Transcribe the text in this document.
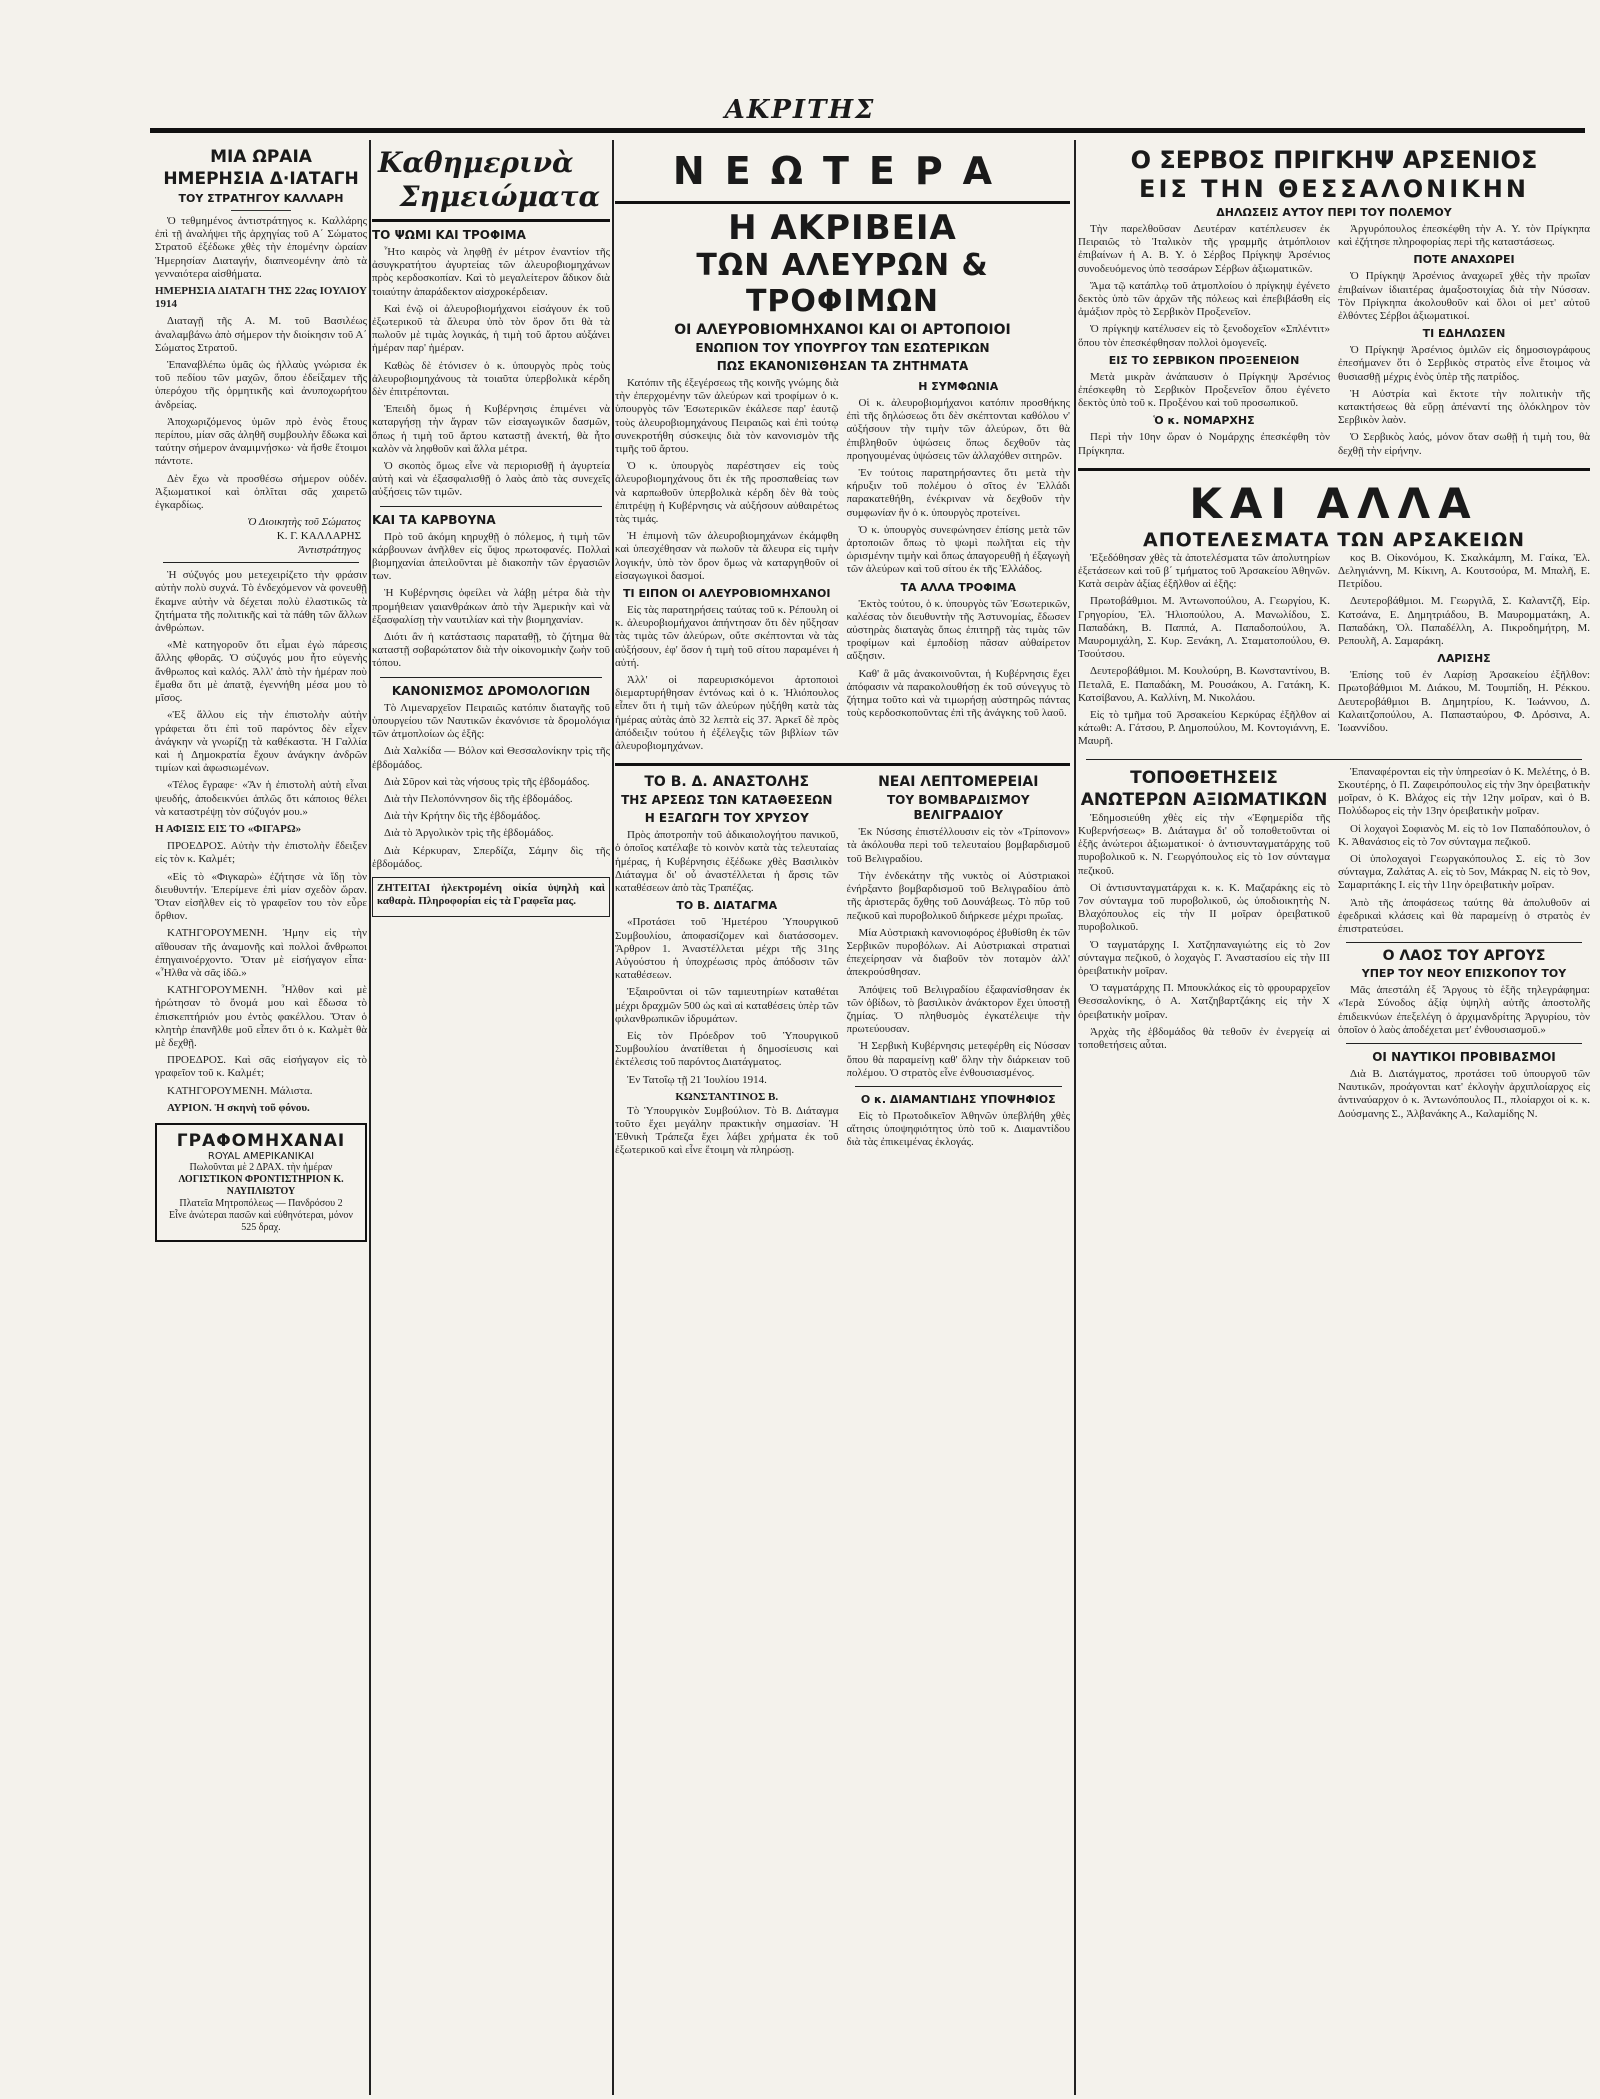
ΑΚΡΙΤΗΣ
ΜΙΑ ΩΡΑΙΑ
ΗΜΕΡΗΣΙΑ Δ·ΙΑΤΑΓΗ
ΤΟΥ ΣΤΡΑΤΗΓΟΥ ΚΑΛΛΑΡΗ

Ὁ τεθμημένος ἀντιστράτηγος κ. Καλλάρης ἐπὶ τῇ ἀναλήψει τῆς ἀρχηγίας τοῦ Α΄ Σώματος Στρατοῦ ἐξέδωκε χθὲς τὴν ἑπομένην ὡραίαν Ἡμερησίαν Διαταγήν, διαπνεομένην ἀπὸ τὰ γενναιότερα αἰσθήματα.

ΗΜΕΡΗΣΙΑ ΔΙΑΤΑΓΗ ΤΗΣ 22ας ΙΟΥΛΙΟΥ 1914

Διαταγῇ τῆς Α. Μ. τοῦ Βασιλέως ἀναλαμβάνω ἀπὸ σήμερον τὴν διοίκησιν τοῦ Α΄ Σώματος Στρατοῦ.

Ἐπαναβλέπω ὑμᾶς ὡς ἠλλαὺς γνώρισα ἐκ τοῦ πεδίου τῶν μαχῶν, ὅπου ἐδείξαμεν τῆς ὑπερόχου τῆς ὁρμητικῆς καὶ ἀνυποχωρήτου ἀνδρείας.

Ἀποχωριζόμενος ὑμῶν πρὸ ἑνὸς ἔτους περίπου, μίαν σᾶς ἀληθῆ συμβουλὴν ἔδωκα καὶ ταύτην σήμερον ἀναμιμνῄσκω· νὰ ἤσθε ἕτοιμοι πάντοτε.

Δὲν ἔχω νὰ προσθέσω σήμερον οὐδέν. Ἀξιωματικοί καὶ ὁπλῖται σᾶς χαιρετῶ ἐγκαρδίως.

Ὁ Διοικητὴς τοῦ Σώματος
Κ. Γ. ΚΑΛΛΑΡΗΣ
Ἀντιστράτηγος

Ἡ σύζυγός μου μετεχειρίζετο τὴν φράσιν αὐτὴν πολὺ συχνά. Τὸ ἐνδεχόμενον νὰ φονευθῇ ἔκαμνε αὐτὴν νὰ δέχεται πολὺ ἐλαστικῶς τὰ ζητήματα τῆς πολιτικῆς καὶ τὰ πάθη τῶν ἄλλων ἀνθρώπων.

«Μὲ κατηγοροῦν ὅτι εἶμαι ἐγὼ πάρεσις ἄλλης φθορᾶς. Ὁ σύζυγός μου ἦτο εὐγενὴς ἄνθρωπος καὶ καλός. Ἀλλ' ἀπὸ τὴν ἡμέραν ποὺ ἔμαθα ὅτι μὲ ἀπατᾷ, ἐγεννήθη μέσα μου τὸ μῖσος.

«Ἐξ ἄλλου εἰς τὴν ἐπιστολὴν αὐτὴν γράφεται ὅτι ἐπὶ τοῦ παρόντος δὲν εἶχεν ἀνάγκην νὰ γνωρίζῃ τὰ καθέκαστα. Ἡ Γαλλία καὶ ἡ Δημοκρατία ἔχουν ἀνάγκην ἀνδρῶν τιμίων καὶ ἀφωσιωμένων.

«Τέλος ἔγραφε· «Ἂν ἡ ἐπιστολὴ αὐτὴ εἶναι ψευδής, ἀποδεικνύει ἁπλῶς ὅτι κάποιος θέλει νὰ καταστρέψῃ τὸν σύζυγόν μου.»

Η ΑΦΙΞΙΣ ΕΙΣ ΤΟ «ΦΙΓΑΡΩ»

ΠΡΟΕΔΡΟΣ. Αὐτὴν τὴν ἐπιστολὴν ἔδειξεν εἰς τὸν κ. Καλμέτ;

«Εἰς τὸ «Φιγκαρὼ» ἐζήτησε νὰ ἴδῃ τὸν διευθυντήν. Ἐπερίμενε ἐπὶ μίαν σχεδὸν ὥραν. Ὅταν εἰσῆλθεν εἰς τὸ γραφεῖον του τὸν εὗρε ὄρθιον.

ΚΑΤΗΓΟΡΟΥΜΕΝΗ. Ἠμην εἰς τὴν αἴθουσαν τῆς ἀναμονῆς καὶ πολλοὶ ἄνθρωποι ἐπηγαινοέρχοντο. Ὅταν μὲ εἰσήγαγον εἶπα· «Ἦλθα νὰ σᾶς ἰδῶ.»

ΚΑΤΗΓΟΡΟΥΜΕΝΗ. Ἦλθον καὶ μὲ ἠρώτησαν τὸ ὄνομά μου καὶ ἔδωσα τὸ ἐπισκεπτήριόν μου ἐντὸς φακέλλου. Ὅταν ὁ κλητὴρ ἐπανῆλθε μοῦ εἶπεν ὅτι ὁ κ. Καλμὲτ θὰ μὲ δεχθῇ.

ΠΡΟΕΔΡΟΣ. Καὶ σᾶς εἰσήγαγον εἰς τὸ γραφεῖον τοῦ κ. Καλμέτ;

ΚΑΤΗΓΟΡΟΥΜΕΝΗ. Μάλιστα.

ΑΥΡΙΟΝ. Ἡ σκηνὴ τοῦ φόνου.

ΓΡΑΦΟΜΗΧΑΝΑΙ
ROYAL ΑΜΕΡΙΚΑΝΙΚΑΙ
Πωλοῦνται μὲ 2 ΔΡΑΧ. τὴν ἡμέραν
ΛΟΓΙΣΤΙΚΟΝ ΦΡΟΝΤΙΣΤΗΡΙΟΝ Κ. ΝΑΥΠΛΙΩΤΟΥ
Πλατεῖα Μητροπόλεως — Πανδρόσου 2
Εἶνε ἀνώτεραι πασῶν καὶ εὐθηνότεραι, μόνον 525 δραχ.
Καθημερινὰ
Σημειώματα
ΤΟ ΨΩΜΙ ΚΑΙ ΤΡΟΦΙΜΑ

Ἦτο καιρὸς νὰ ληφθῇ ἐν μέτρον ἐναντίον τῆς ἀσυγκρατήτου ἀγυρτείας τῶν ἀλευροβιομηχάνων πρὸς κερδοσκοπίαν. Καὶ τὸ μεγαλείτερον ἄδικον διὰ τοιαύτην ἀπαράδεκτον αἰσχροκέρδειαν.

Καὶ ἐνῷ οἱ ἀλευροβιομήχανοι εἰσάγουν ἐκ τοῦ ἐξωτερικοῦ τὰ ἄλευρα ὑπὸ τὸν ὅρον ὅτι θὰ τὰ πωλοῦν μὲ τιμὰς λογικάς, ἡ τιμὴ τοῦ ἄρτου αὐξάνει ἡμέραν παρ' ἡμέραν.

Καθὼς δὲ ἐτόνισεν ὁ κ. ὑπουργὸς πρὸς τοὺς ἀλευροβιομηχάνους τὰ τοιαῦτα ὑπερβολικὰ κέρδη δὲν ἐπιτρέπονται.

Ἐπειδὴ ὅμως ἡ Κυβέρνησις ἐπιμένει νὰ καταργήσῃ τὴν ἄγραν τῶν εἰσαγωγικῶν δασμῶν, ὅπως ἡ τιμὴ τοῦ ἄρτου καταστῇ ἀνεκτή, θὰ ἦτο καλὸν νὰ ληφθοῦν καὶ ἄλλα μέτρα.

Ὁ σκοπὸς ὅμως εἶνε νὰ περιορισθῇ ἡ ἀγυρτεία αὐτὴ καὶ νὰ ἐξασφαλισθῇ ὁ λαὸς ἀπὸ τὰς συνεχεῖς αὐξήσεις τῶν τιμῶν.

ΚΑΙ ΤΑ ΚΑΡΒΟΥΝΑ

Πρὸ τοῦ ἀκόμη κηρυχθῇ ὁ πόλεμος, ἡ τιμὴ τῶν κάρβουνων ἀνῆλθεν εἰς ὕψος πρωτοφανές. Πολλαὶ βιομηχανίαι ἀπειλοῦνται μὲ διακοπὴν τῶν ἐργασιῶν των.

Ἡ Κυβέρνησις ὀφείλει νὰ λάβῃ μέτρα διὰ τὴν προμήθειαν γαιανθράκων ἀπὸ τὴν Ἀμερικὴν καὶ νὰ ἐξασφαλίσῃ τὴν ναυτιλίαν καὶ τὴν βιομηχανίαν.

Διότι ἂν ἡ κατάστασις παραταθῇ, τὸ ζήτημα θὰ καταστῇ σοβαρώτατον διὰ τὴν οἰκονομικὴν ζωὴν τοῦ τόπου.

ΚΑΝΟΝΙΣΜΟΣ ΔΡΟΜΟΛΟΓΙΩΝ

Τὸ Λιμεναρχεῖον Πειραιῶς κατόπιν διαταγῆς τοῦ ὑπουργείου τῶν Ναυτικῶν ἐκανόνισε τὰ δρομολόγια τῶν ἀτμοπλοίων ὡς ἑξῆς:

Διὰ Χαλκίδα — Βόλον καὶ Θεσσαλονίκην τρὶς τῆς ἑβδομάδος.

Διὰ Σῦρον καὶ τὰς νήσους τρὶς τῆς ἑβδομάδος.

Διὰ τὴν Πελοπόννησον δὶς τῆς ἑβδομάδος.

Διὰ τὴν Κρήτην δὶς τῆς ἑβδομάδος.

Διὰ τὸ Ἀργολικὸν τρὶς τῆς ἑβδομάδος.

Διὰ Κέρκυραν, Σπερδίζα, Σάμην δὶς τῆς ἑβδομάδος.

ΖΗΤΕΙΤΑΙ ἠλεκτρομένη οἰκία ὑψηλὴ καὶ καθαρὰ. Πληροφορίαι εἰς τὰ Γραφεῖα μας.

ΝΕΩΤΕΡΑ
Η ΑΚΡΙΒΕΙΑ
ΤΩΝ ΑΛΕΥΡΩΝ & ΤΡΟΦΙΜΩΝ
ΟΙ ΑΛΕΥΡΟΒΙΟΜΗΧΑΝΟΙ ΚΑΙ ΟΙ ΑΡΤΟΠΟΙΟΙ
ΕΝΩΠΙΟΝ ΤΟΥ ΥΠΟΥΡΓΟΥ ΤΩΝ ΕΣΩΤΕΡΙΚΩΝ
ΠΩΣ ΕΚΑΝΟΝΙΣΘΗΣΑΝ ΤΑ ΖΗΤΗΜΑΤΑ

Κατόπιν τῆς ἐξεγέρσεως τῆς κοινῆς γνώμης διὰ τὴν ἐπερχομένην τῶν ἀλεύρων καὶ τροφίμων ὁ κ. ὑπουργὸς τῶν Ἐσωτερικῶν ἐκάλεσε παρ' ἑαυτῷ τοὺς ἀλευροβιομηχάνους Πειραιῶς καὶ ἐπὶ τούτῳ συνεκροτήθη σύσκεψις διὰ τὸν κανονισμὸν τῆς τιμῆς τοῦ ἄρτου.

Ὁ κ. ὑπουργὸς παρέστησεν εἰς τοὺς ἀλευροβιομηχάνους ὅτι ἐκ τῆς προσπαθείας των νὰ καρπωθοῦν ὑπερβολικὰ κέρδη δὲν θὰ τοὺς ἐπιτρέψῃ ἡ Κυβέρνησις νὰ αὐξήσουν αὐθαιρέτως τὰς τιμάς.

Ἡ ἐπιμονὴ τῶν ἀλευροβιομηχάνων ἐκάμφθη καὶ ὑπεσχέθησαν νὰ πωλοῦν τὰ ἄλευρα εἰς τιμὴν λογικήν, ὑπὸ τὸν ὅρον ὅμως νὰ καταργηθοῦν οἱ εἰσαγωγικοὶ δασμοί.

ΤΙ ΕΙΠΟΝ ΟΙ ΑΛΕΥΡΟΒΙΟΜΗΧΑΝΟΙ

Εἰς τὰς παρατηρήσεις ταύτας τοῦ κ. Ρέπουλη οἱ κ. ἀλευροβιομήχανοι ἀπήντησαν ὅτι δὲν ηὔξησαν τὰς τιμὰς τῶν ἀλεύρων, οὔτε σκέπτονται νὰ τὰς αὐξήσουν, ἐφ' ὅσον ἡ τιμὴ τοῦ σίτου παραμένει ἡ αὐτή.

Ἀλλ' οἱ παρευρισκόμενοι ἀρτοποιοὶ διεμαρτυρήθησαν ἐντόνως καὶ ὁ κ. Ἠλιόπουλος εἶπεν ὅτι ἡ τιμὴ τῶν ἀλεύρων ηὐξήθη κατὰ τὰς ἡμέρας αὐτὰς ἀπὸ 32 λεπτὰ εἰς 37. Ἀρκεῖ δὲ πρὸς ἀπόδειξιν τούτου ἡ ἐξέλεγξις τῶν βιβλίων τῶν ἀλευροβιομηχάνων.

Η ΣΥΜΦΩΝΙΑ

Οἱ κ. ἀλευροβιομήχανοι κατόπιν προσθήκης ἐπὶ τῆς δηλώσεως ὅτι δὲν σκέπτονται καθόλου ν' αὐξήσουν τὴν τιμὴν τῶν ἀλεύρων, ὅτι θὰ ἐπιβληθοῦν ὑψώσεις ὅπως δεχθοῦν τὰς προηγουμένας ὑψώσεις τῶν ἀλλαχόθεν σιτηρῶν.

Ἐν τούτοις παρατηρήσαντες ὅτι μετὰ τὴν κήρυξιν τοῦ πολέμου ὁ σῖτος ἐν Ἑλλάδι παρακατεθήθη, ἐνέκριναν νὰ δεχθοῦν τὴν συμφωνίαν ἣν ὁ κ. ὑπουργὸς προτείνει.

Ὁ κ. ὑπουργὸς συνεφώνησεν ἐπίσης μετὰ τῶν ἀρτοποιῶν ὅπως τὸ ψωμὶ πωλῆται εἰς τὴν ὡρισμένην τιμὴν καὶ ὅπως ἀπαγορευθῇ ἡ ἐξαγωγὴ τῶν ἀλεύρων καὶ τοῦ σίτου ἐκ τῆς Ἑλλάδος.

ΤΑ ΑΛΛΑ ΤΡΟΦΙΜΑ

Ἐκτὸς τούτου, ὁ κ. ὑπουργὸς τῶν Ἐσωτερικῶν, καλέσας τὸν διευθυντὴν τῆς Ἀστυνομίας, ἔδωσεν αὐστηρὰς διαταγὰς ὅπως ἐπιτηρῇ τὰς τιμὰς τῶν τροφίμων καὶ ἐμποδίσῃ πᾶσαν αὐθαίρετον αὔξησιν.

Καθ' ἃ μᾶς ἀνακοινοῦνται, ἡ Κυβέρνησις ἔχει ἀπόφασιν νὰ παρακολουθήσῃ ἐκ τοῦ σύνεγγυς τὸ ζήτημα τοῦτο καὶ νὰ τιμωρήσῃ αὐστηρῶς πάντας τοὺς κερδοσκοποῦντας ἐπὶ τῆς ἀνάγκης τοῦ λαοῦ.

ΤΟ Β. Δ. ΑΝΑΣΤΟΛΗΣ
ΤΗΣ ΑΡΣΕΩΣ ΤΩΝ ΚΑΤΑΘΕΣΕΩΝ
Η ΕΞΑΓΩΓΗ ΤΟΥ ΧΡΥΣΟΥ

Πρὸς ἀποτροπὴν τοῦ ἀδικαιολογήτου πανικοῦ, ὁ ὁποῖος κατέλαβε τὸ κοινὸν κατὰ τὰς τελευταίας ἡμέρας, ἡ Κυβέρνησις ἐξέδωκε χθὲς Βασιλικὸν Διάταγμα δι' οὗ ἀναστέλλεται ἡ ἄρσις τῶν καταθέσεων ἀπὸ τὰς Τραπέζας.

ΤΟ Β. ΔΙΑΤΑΓΜΑ

«Προτάσει τοῦ Ἡμετέρου Ὑπουργικοῦ Συμβουλίου, ἀποφασίζομεν καὶ διατάσσομεν. Ἄρθρον 1. Ἀναστέλλεται μέχρι τῆς 31ης Αὐγούστου ἡ ὑποχρέωσις πρὸς ἀπόδοσιν τῶν καταθέσεων.

Ἐξαιροῦνται οἱ τῶν ταμιευτηρίων καταθέται μέχρι δραχμῶν 500 ὡς καὶ αἱ καταθέσεις ὑπὲρ τῶν φιλανθρωπικῶν ἱδρυμάτων.

Εἰς τὸν Πρόεδρον τοῦ Ὑπουργικοῦ Συμβουλίου ἀνατίθεται ἡ δημοσίευσις καὶ ἐκτέλεσις τοῦ παρόντος Διατάγματος.

Ἐν Τατοΐῳ τῇ 21 Ἰουλίου 1914.

ΚΩΝΣΤΑΝΤΙΝΟΣ Β.

Τὸ Ὑπουργικὸν Συμβούλιον. Τὸ Β. Διάταγμα τοῦτο ἔχει μεγάλην πρακτικὴν σημασίαν. Ἡ Ἐθνικὴ Τράπεζα ἔχει λάβει χρήματα ἐκ τοῦ ἐξωτερικοῦ καὶ εἶνε ἕτοιμη νὰ πληρώσῃ.

ΝΕΑΙ ΛΕΠΤΟΜΕΡΕΙΑΙ
ΤΟΥ ΒΟΜΒΑΡΔΙΣΜΟΥ ΒΕΛΙΓΡΑΔΙΟΥ

Ἐκ Νύσσης ἐπιστέλλουσιν εἰς τὸν «Τρίπονον» τὰ ἀκόλουθα περὶ τοῦ τελευταίου βομβαρδισμοῦ τοῦ Βελιγραδίου.

Τὴν ἐνδεκάτην τῆς νυκτὸς οἱ Αὐστριακοὶ ἐνήρξαντο βομβαρδισμοῦ τοῦ Βελιγραδίου ἀπὸ τῆς ἀριστερᾶς ὄχθης τοῦ Δουνάβεως. Τὸ πῦρ τοῦ πεζικοῦ καὶ πυροβολικοῦ διήρκεσε μέχρι πρωΐας.

Μία Αὐστριακὴ κανονιοφόρος ἐβυθίσθη ἐκ τῶν Σερβικῶν πυροβόλων. Αἱ Αὐστριακαὶ στρατιαὶ ἐπεχείρησαν νὰ διαβοῦν τὸν ποταμὸν ἀλλ' ἀπεκρούσθησαν.

Ἀπόψεις τοῦ Βελιγραδίου ἐξαφανίσθησαν ἐκ τῶν ὀβίδων, τὸ βασιλικὸν ἀνάκτορον ἔχει ὑποστῇ ζημίας. Ὁ πληθυσμὸς ἐγκατέλειψε τὴν πρωτεύουσαν.

Ἡ Σερβικὴ Κυβέρνησις μετεφέρθη εἰς Νύσσαν ὅπου θὰ παραμείνῃ καθ' ὅλην τὴν διάρκειαν τοῦ πολέμου. Ὁ στρατὸς εἶνε ἐνθουσιασμένος.

Ο κ. ΔΙΑΜΑΝΤΙΔΗΣ ΥΠΟΨΗΦΙΟΣ

Εἰς τὸ Πρωτοδικεῖον Ἀθηνῶν ὑπεβλήθη χθὲς αἴτησις ὑποψηφιότητος ὑπὸ τοῦ κ. Διαμαντίδου διὰ τὰς ἐπικειμένας ἐκλογάς.

Ο ΣΕΡΒΟΣ ΠΡΙΓΚΗΨ ΑΡΣΕΝΙΟΣ
ΕΙΣ ΤΗΝ ΘΕΣΣΑΛΟΝΙΚΗΝ
ΔΗΛΩΣΕΙΣ ΑΥΤΟΥ ΠΕΡΙ ΤΟΥ ΠΟΛΕΜΟΥ

Τὴν παρελθοῦσαν Δευτέραν κατέπλευσεν ἐκ Πειραιῶς τὸ Ἰταλικὸν τῆς γραμμῆς ἀτμόπλοιον ἐπιβαίνων ἡ Α. Β. Υ. ὁ Σέρβος Πρίγκηψ Ἀρσένιος συνοδευόμενος ὑπὸ τεσσάρων Σέρβων ἀξιωματικῶν.

Ἅμα τῷ κατάπλῳ τοῦ ἀτμοπλοίου ὁ πρίγκηψ ἐγένετο δεκτὸς ὑπὸ τῶν ἀρχῶν τῆς πόλεως καὶ ἐπεβιβάσθη εἰς ἀμάξιον πρὸς τὸ Σερβικὸν Προξενεῖον.

Ὁ πρίγκηψ κατέλυσεν εἰς τὸ ξενοδοχεῖον «Σπλέντιτ» ὅπου τὸν ἐπεσκέφθησαν πολλοὶ ὁμογενεῖς.

ΕΙΣ ΤΟ ΣΕΡΒΙΚΟΝ ΠΡΟΞΕΝΕΙΟΝ

Μετὰ μικρὰν ἀνάπαυσιν ὁ Πρίγκηψ Ἀρσένιος ἐπέσκεφθη τὸ Σερβικὸν Προξενεῖον ὅπου ἐγένετο δεκτὸς ὑπὸ τοῦ κ. Προξένου καὶ τοῦ προσωπικοῦ.

Ὁ κ. ΝΟΜΑΡΧΗΣ

Περὶ τὴν 10ην ὥραν ὁ Νομάρχης ἐπεσκέφθη τὸν Πρίγκηπα.

Ἀργυρόπουλος ἐπεσκέφθη τὴν Α. Υ. τὸν Πρίγκηπα καὶ ἐζήτησε πληροφορίας περὶ τῆς καταστάσεως.

ΠΟΤΕ ΑΝΑΧΩΡΕΙ

Ὁ Πρίγκηψ Ἀρσένιος ἀναχωρεῖ χθὲς τὴν πρωΐαν ἐπιβαίνων ἰδιαιτέρας ἁμαξοστοιχίας διὰ τὴν Νύσσαν. Τὸν Πρίγκηπα ἀκολουθοῦν καὶ ὅλοι οἱ μετ' αὐτοῦ ἐλθόντες Σέρβοι ἀξιωματικοί.

ΤΙ ΕΔΗΛΩΣΕΝ

Ὁ Πρίγκηψ Ἀρσένιος ὁμιλῶν εἰς δημοσιογράφους ἐπεσήμανεν ὅτι ὁ Σερβικὸς στρατὸς εἶνε ἕτοιμος νὰ θυσιασθῇ μέχρις ἑνὸς ὑπὲρ τῆς πατρίδος.

Ἡ Αὐστρία καὶ ἔκτοτε τὴν πολιτικὴν τῆς κατακτήσεως θὰ εὕρῃ ἀπέναντί της ὁλόκληρον τὸν Σερβικὸν λαὸν.

Ὁ Σερβικὸς λαός, μόνον ὅταν σωθῇ ἡ τιμὴ του, θὰ δεχθῇ τὴν εἰρήνην.

ΚΑΙ ΑΛΛΑ
ΑΠΟΤΕΛΕΣΜΑΤΑ ΤΩΝ ΑΡΣΑΚΕΙΩΝ

Ἐξεδόθησαν χθὲς τὰ ἀποτελέσματα τῶν ἀπολυτηρίων ἐξετάσεων καὶ τοῦ β΄ τμήματος τοῦ Ἀρσακείου Ἀθηνῶν. Κατὰ σειρὰν ἀξίας ἐξῆλθον αἱ ἑξῆς:

Πρωτοβάθμιοι. Μ. Ἀντωνοπούλου, Α. Γεωργίου, Κ. Γρηγορίου, Ἐλ. Ἠλιοπούλου, Α. Μανωλίδου, Σ. Παπαδάκη, Β. Παππά, Α. Παπαδοπούλου, Ἀ. Μαυρομιχάλη, Σ. Κυρ. Ξενάκη, Λ. Σταματοπούλου, Θ. Τσούτσου.

Δευτεροβάθμιοι. Μ. Κουλούρη, Β. Κωνσταντίνου, Β. Πεταλᾶ, Ε. Παπαδάκη, Μ. Ρουσάκου, Α. Γατάκη, Κ. Κατσίβανου, Α. Καλλίνη, Μ. Νικολάου.

Εἰς τὸ τμῆμα τοῦ Ἀρσακείου Κερκύρας ἐξῆλθον αἱ κάτωθι: Α. Γάτσου, Ρ. Δημοπούλου, Μ. Κοντογιάννη, Ε. Μαυρῆ.

κος Β. Οἰκονόμου, Κ. Σκαλκάμπη, Μ. Γαίκα, Ἑλ. Δεληγιάννη, Μ. Κίκινη, Α. Κουτσούρα, Μ. Μπαλῆ, Ε. Πετρίδου.

Δευτεροβάθμιοι. Μ. Γεωργιλᾶ, Σ. Καλαντζῆ, Εἰρ. Κατσάνα, Ε. Δημητριάδου, Β. Μαυρομματάκη, Α. Παπαδάκη, Ὀλ. Παπαδέλλη, Α. Πικροδημήτρη, Μ. Ρεπουλῆ, Α. Σαμαράκη.

ΛΑΡΙΣΗΣ

Ἐπίσης τοῦ ἐν Λαρίσῃ Ἀρσακείου ἐξῆλθον: Πρωτοβάθμιοι Μ. Διάκου, Μ. Τουμπίδη, Η. Ρέκκου. Δευτεροβάθμιοι Β. Δημητρίου, Κ. Ἰωάννου, Δ. Καλαιτζοπούλου, Α. Παπασταύρου, Φ. Δρόσινα, Α. Ἰωαννίδου.

ΤΟΠΟΘΕΤΗΣΕΙΣ
ΑΝΩΤΕΡΩΝ ΑΞΙΩΜΑΤΙΚΩΝ

Ἐδημοσιεύθη χθὲς εἰς τὴν «Ἐφημερίδα τῆς Κυβερνήσεως» Β. Διάταγμα δι' οὗ τοποθετοῦνται οἱ ἑξῆς ἀνώτεροι ἀξιωματικοί· ὁ ἀντισυνταγματάρχης τοῦ πυροβολικοῦ κ. Ν. Γεωργόπουλος εἰς τὸ 1ον σύνταγμα πεζικοῦ.

Οἱ ἀντισυνταγματάρχαι κ. κ. Κ. Μαζαράκης εἰς τὸ 7ον σύνταγμα τοῦ πυροβολικοῦ, ὡς ὑποδιοικητὴς Ν. Βλαχόπουλος εἰς τὴν ΙΙ μοῖραν ὀρειβατικοῦ πυροβολικοῦ.

Ὁ ταγματάρχης Ι. Χατζηπαναγιώτης εἰς τὸ 2ον σύνταγμα πεζικοῦ, ὁ λοχαγὸς Γ. Ἀναστασίου εἰς τὴν ΙΙΙ ὀρειβατικὴν μοῖραν.

Ὁ ταγματάρχης Π. Μπουκλάκος εἰς τὸ φρουραρχεῖον Θεσσαλονίκης, ὁ Α. Χατζηβαρτζάκης εἰς τὴν Χ ὀρειβατικὴν μοῖραν.

Ἀρχὰς τῆς ἑβδομάδος θὰ τεθοῦν ἐν ἐνεργείᾳ αἱ τοποθετήσεις αὗται.

Ἐπαναφέρονται εἰς τὴν ὑπηρεσίαν ὁ Κ. Μελέτης, ὁ Β. Σκουτέρης, ὁ Π. Ζαφειρόπουλος εἰς τὴν 3ην ὀρειβατικὴν μοῖραν, ὁ Κ. Βλάχος εἰς τὴν 12ην μοῖραν, καὶ ὁ Β. Πολύδωρος εἰς τὴν 13ην ὀρειβατικὴν μοῖραν.

Οἱ λοχαγοὶ Σοφιανὸς Μ. εἰς τὸ 1ον Παπαδόπουλον, ὁ Κ. Ἀθανάσιος εἰς τὸ 7ον σύνταγμα πεζικοῦ.

Οἱ ὑπολοχαγοὶ Γεωργακόπουλος Σ. εἰς τὸ 3ον σύνταγμα, Ζαλάτας Α. εἰς τὸ 5ον, Μάκρας Ν. εἰς τὸ 9ον, Σαμαριτάκης Ι. εἰς τὴν 11ην ὀρειβατικὴν μοῖραν.

Ἀπὸ τῆς ἀποφάσεως ταύτης θὰ ἀπολυθοῦν αἱ ἐφεδρικαὶ κλάσεις καὶ θὰ παραμείνῃ ὁ στρατὸς ἐν ἐπιστρατεύσει.

Ο ΛΑΟΣ ΤΟΥ ΑΡΓΟΥΣ
ΥΠΕΡ ΤΟΥ ΝΕΟΥ ΕΠΙΣΚΟΠΟΥ ΤΟΥ

Μᾶς ἀπεστάλη ἐξ Ἄργους τὸ ἑξῆς τηλεγράφημα: «Ἱερὰ Σύνοδος ἀξίᾳ ὑψηλὴ αὐτῆς ἀποστολῆς ἐπιδεικνύων ἐπεξελέγη ὁ ἀρχιμανδρίτης Ἀργυρίου, τὸν ὁποῖον ὁ λαὸς ἀποδέχεται μετ' ἐνθουσιασμοῦ.»

ΟΙ ΝΑΥΤΙΚΟΙ ΠΡΟΒΙΒΑΣΜΟΙ

Διὰ Β. Διατάγματος, προτάσει τοῦ ὑπουργοῦ τῶν Ναυτικῶν, προάγονται κατ' ἐκλογὴν ἀρχιπλοίαρχος εἰς ἀντιναύαρχον ὁ κ. Ἀντωνόπουλος Π., πλοίαρχοι οἱ κ. κ. Δούσμανης Σ., Ἀλβανάκης Α., Καλαμίδης Ν.
